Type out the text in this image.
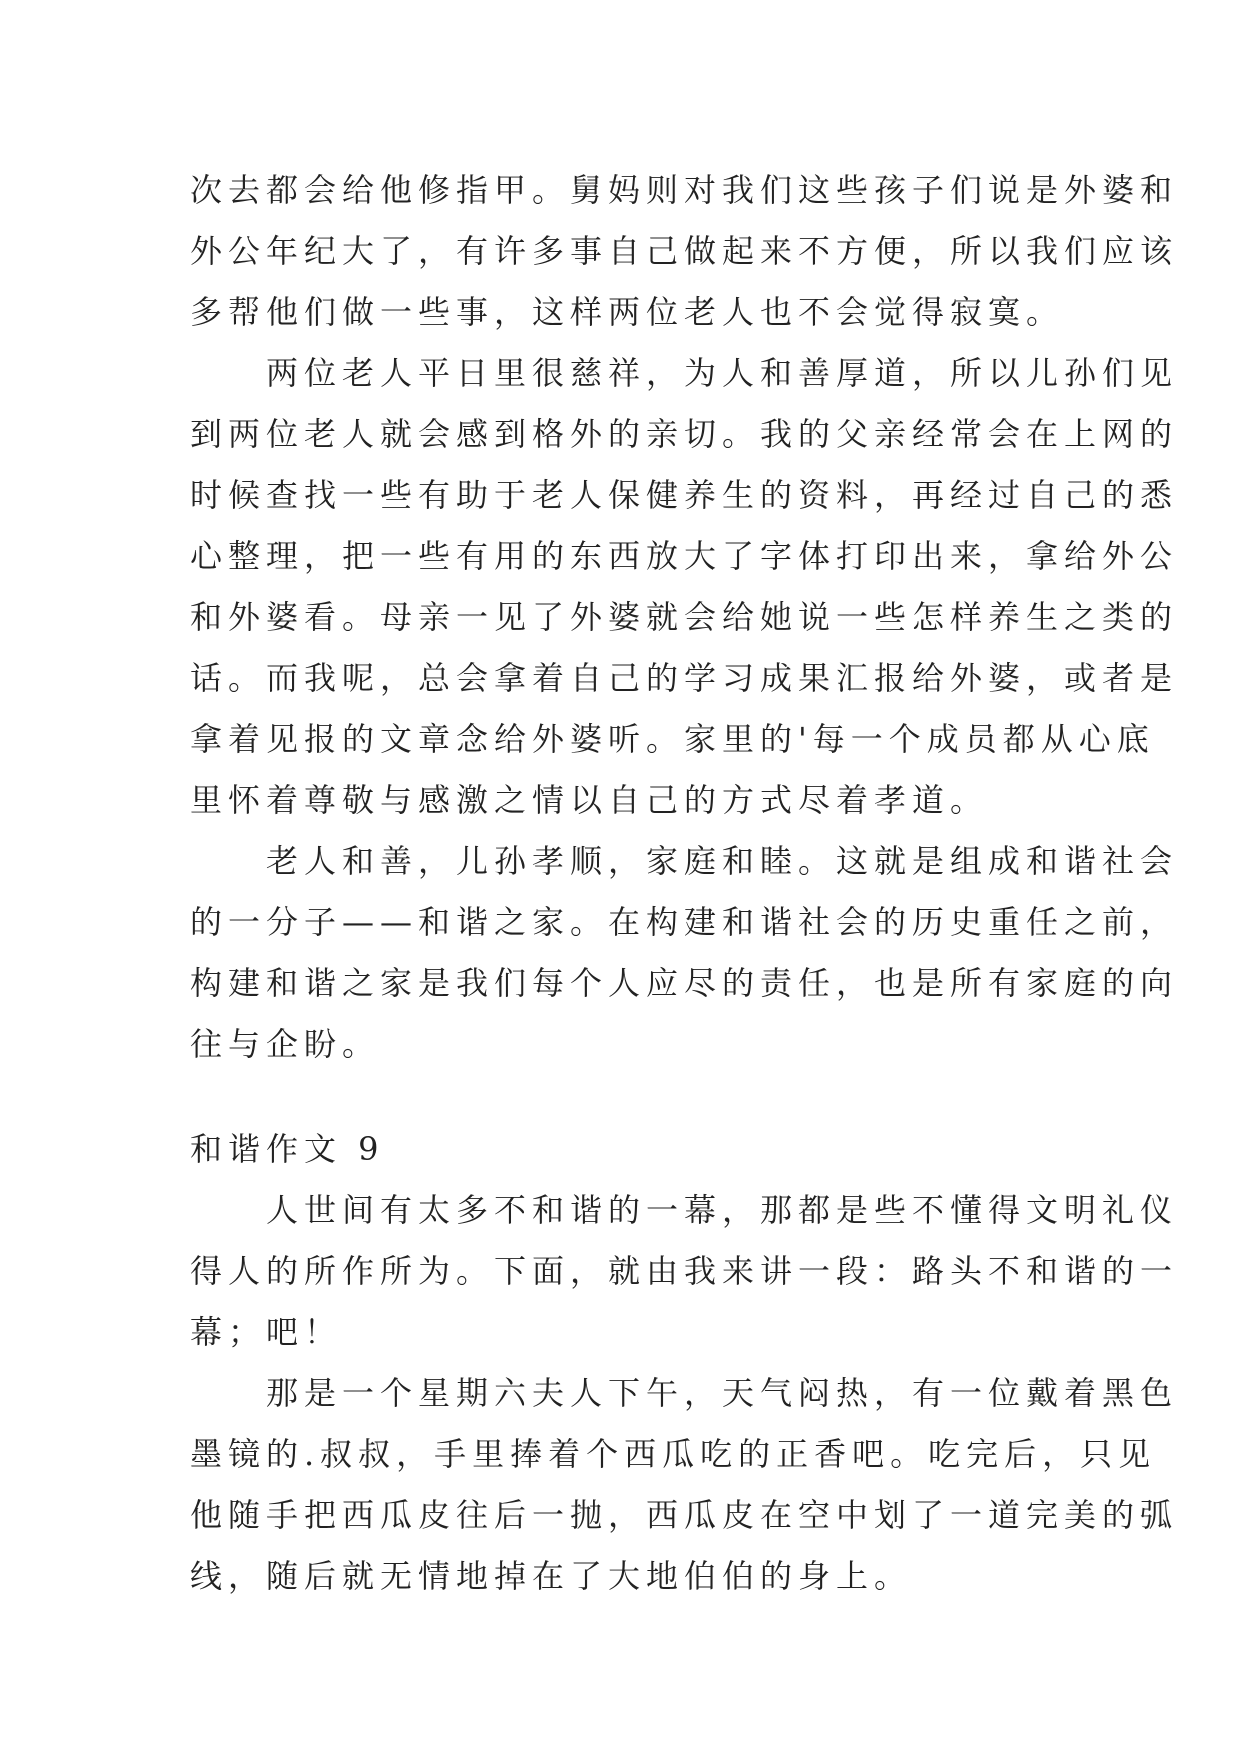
次去都会给他修指甲。舅妈则对我们这些孩子们说是外婆和
外公年纪大了，有许多事自己做起来不方便，所以我们应该
多帮他们做一些事，这样两位老人也不会觉得寂寞。
　　两位老人平日里很慈祥，为人和善厚道，所以儿孙们见
到两位老人就会感到格外的亲切。我的父亲经常会在上网的
时候查找一些有助于老人保健养生的资料，再经过自己的悉
心整理，把一些有用的东西放大了字体打印出来，拿给外公
和外婆看。母亲一见了外婆就会给她说一些怎样养生之类的
话。而我呢，总会拿着自己的学习成果汇报给外婆，或者是
拿着见报的文章念给外婆听。家里的'每一个成员都从心底
里怀着尊敬与感激之情以自己的方式尽着孝道。
　　老人和善，儿孙孝顺，家庭和睦。这就是组成和谐社会
的一分子——和谐之家。在构建和谐社会的历史重任之前，
构建和谐之家是我们每个人应尽的责任，也是所有家庭的向
往与企盼。
和谐作文 9
　　人世间有太多不和谐的一幕，那都是些不懂得文明礼仪
得人的所作所为。下面，就由我来讲一段：路头不和谐的一
幕；吧！
　　那是一个星期六夫人下午，天气闷热，有一位戴着黑色
墨镜的.叔叔，手里捧着个西瓜吃的正香吧。吃完后，只见
他随手把西瓜皮往后一抛，西瓜皮在空中划了一道完美的弧
线，随后就无情地掉在了大地伯伯的身上。
